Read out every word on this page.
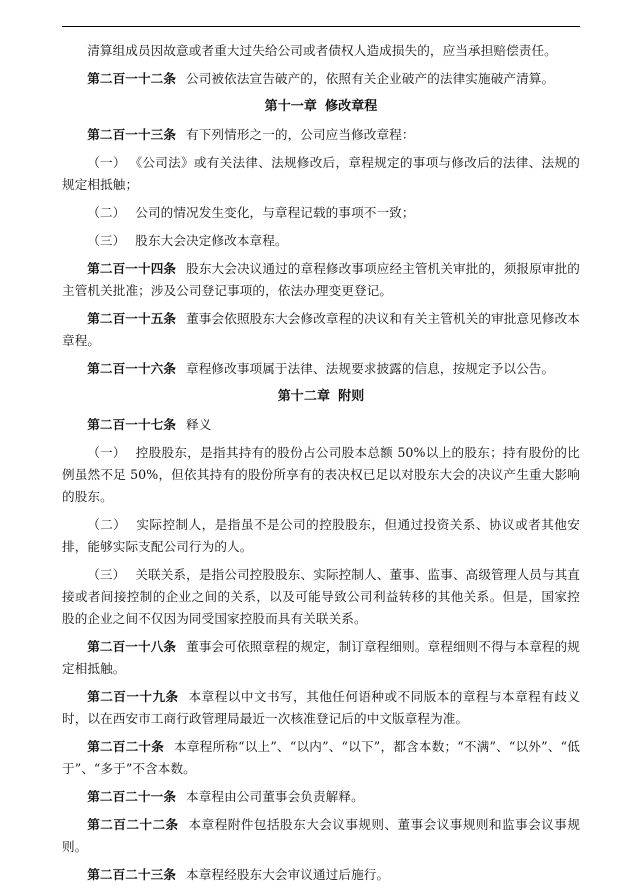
清算组成员因故意或者重大过失给公司或者债权人造成损失的，应当承担赔偿责任。

第二百一十二条 公司被依法宣告破产的，依照有关企业破产的法律实施破产清算。

第十一章 修改章程

第二百一十三条 有下列情形之一的，公司应当修改章程：

（一） 《公司法》或有关法律、法规修改后，章程规定的事项与修改后的法律、法规的规定相抵触；

（二） 公司的情况发生变化，与章程记载的事项不一致；

（三） 股东大会决定修改本章程。

第二百一十四条 股东大会决议通过的章程修改事项应经主管机关审批的，须报原审批的主管机关批准；涉及公司登记事项的，依法办理变更登记。

第二百一十五条 董事会依照股东大会修改章程的决议和有关主管机关的审批意见修改本章程。

第二百一十六条 章程修改事项属于法律、法规要求披露的信息，按规定予以公告。

第十二章 附则

第二百一十七条 释义

（一） 控股股东，是指其持有的股份占公司股本总额 50%以上的股东；持有股份的比例虽然不足 50%，但依其持有的股份所享有的表决权已足以对股东大会的决议产生重大影响的股东。

（二） 实际控制人，是指虽不是公司的控股股东，但通过投资关系、协议或者其他安排，能够实际支配公司行为的人。

（三） 关联关系，是指公司控股股东、实际控制人、董事、监事、高级管理人员与其直接或者间接控制的企业之间的关系，以及可能导致公司利益转移的其他关系。但是，国家控股的企业之间不仅因为同受国家控股而具有关联关系。

第二百一十八条 董事会可依照章程的规定，制订章程细则。章程细则不得与本章程的规定相抵触。

第二百一十九条 本章程以中文书写，其他任何语种或不同版本的章程与本章程有歧义时，以在西安市工商行政管理局最近一次核准登记后的中文版章程为准。

第二百二十条 本章程所称“以上”、“以内”、“以下”，都含本数；“不满”、“以外”、“低于”、“多于”不含本数。

第二百二十一条 本章程由公司董事会负责解释。

第二百二十二条 本章程附件包括股东大会议事规则、董事会议事规则和监事会议事规则。

第二百二十三条 本章程经股东大会审议通过后施行。
